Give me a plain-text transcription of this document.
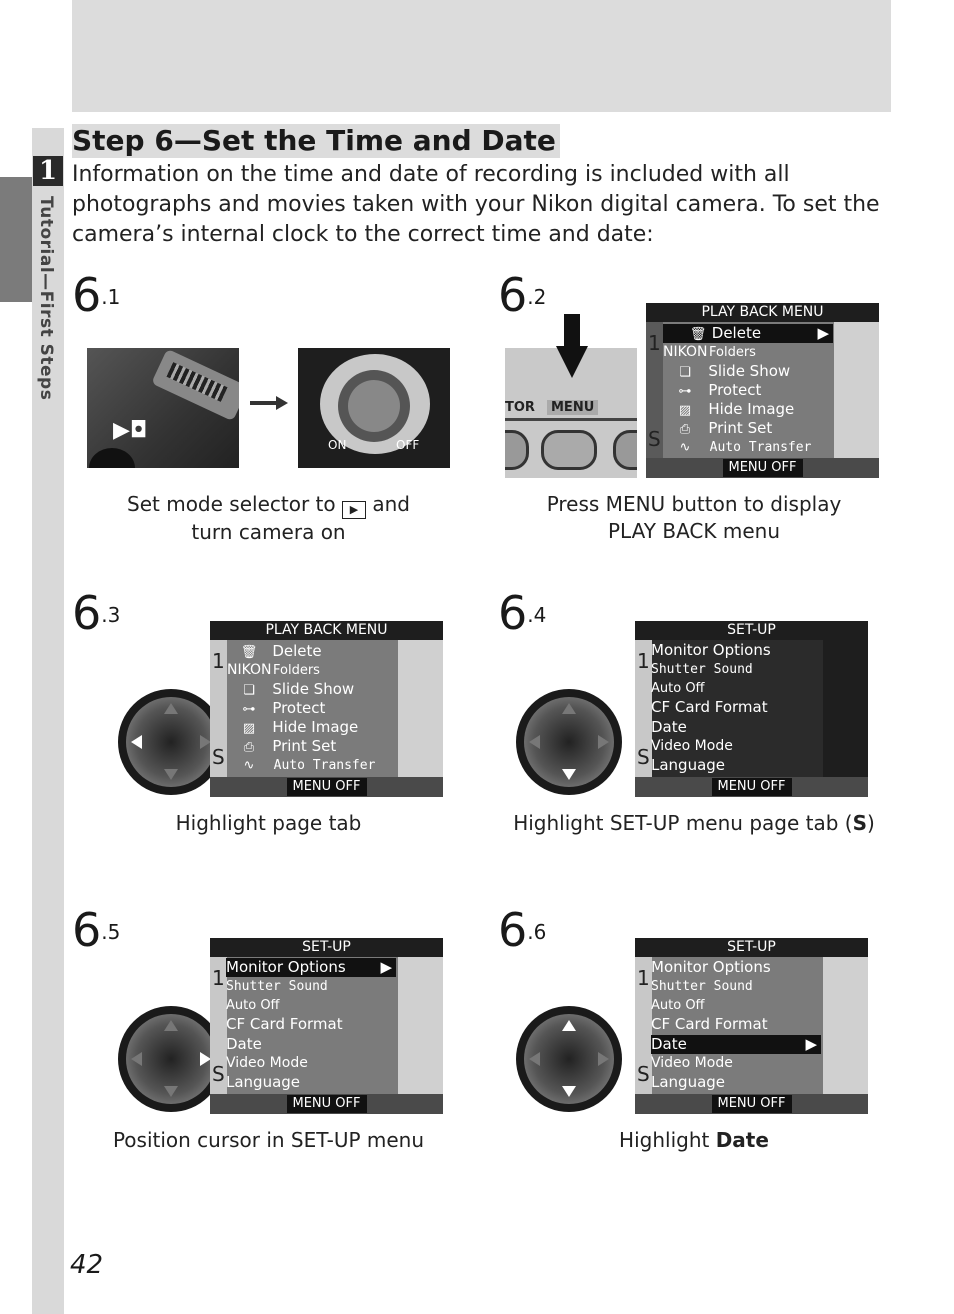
1
Tutorial—First Steps
Step 6—Set the Time and Date

Information on the time and date of recording is included with all photographs and movies taken with your Nikon digital camera. To set the camera’s internal clock to the correct time and date:

$6^{.1}$
▶◘
ON	OFF
Set mode selector to ▶ and
turn camera on
$6^{.2}$
TOR	MENU
PLAY BACK MENU
1
S
NIKON
🗑 Delete	▶
Folders
❏ Slide Show
⊶ Protect
▨ Hide Image
⎙ Print Set
∿ Auto Transfer
MENU OFF
Press MENU button to display
PLAY BACK menu
$6^{.3}$
PLAY BACK MENU
1
S
NIKON
🗑 Delete
Folders
❏ Slide Show
⊶ Protect
▨ Hide Image
⎙ Print Set
∿ Auto Transfer
MENU OFF
Highlight page tab
$6^{.4}$
SET-UP
1
S
Monitor Options
Shutter Sound
Auto Off
CF Card Format
Date
Video Mode
Language
MENU OFF
Highlight SET-UP menu page tab (S)
$6^{.5}$
SET-UP
1
S
Monitor Options ▶
Shutter Sound
Auto Off
CF Card Format
Date
Video Mode
Language
MENU OFF
Position cursor in SET-UP menu
$6^{.6}$
SET-UP
1
S
Monitor Options
Shutter Sound
Auto Off
CF Card Format
Date	▶
Video Mode
Language
MENU OFF
Highlight Date
42
